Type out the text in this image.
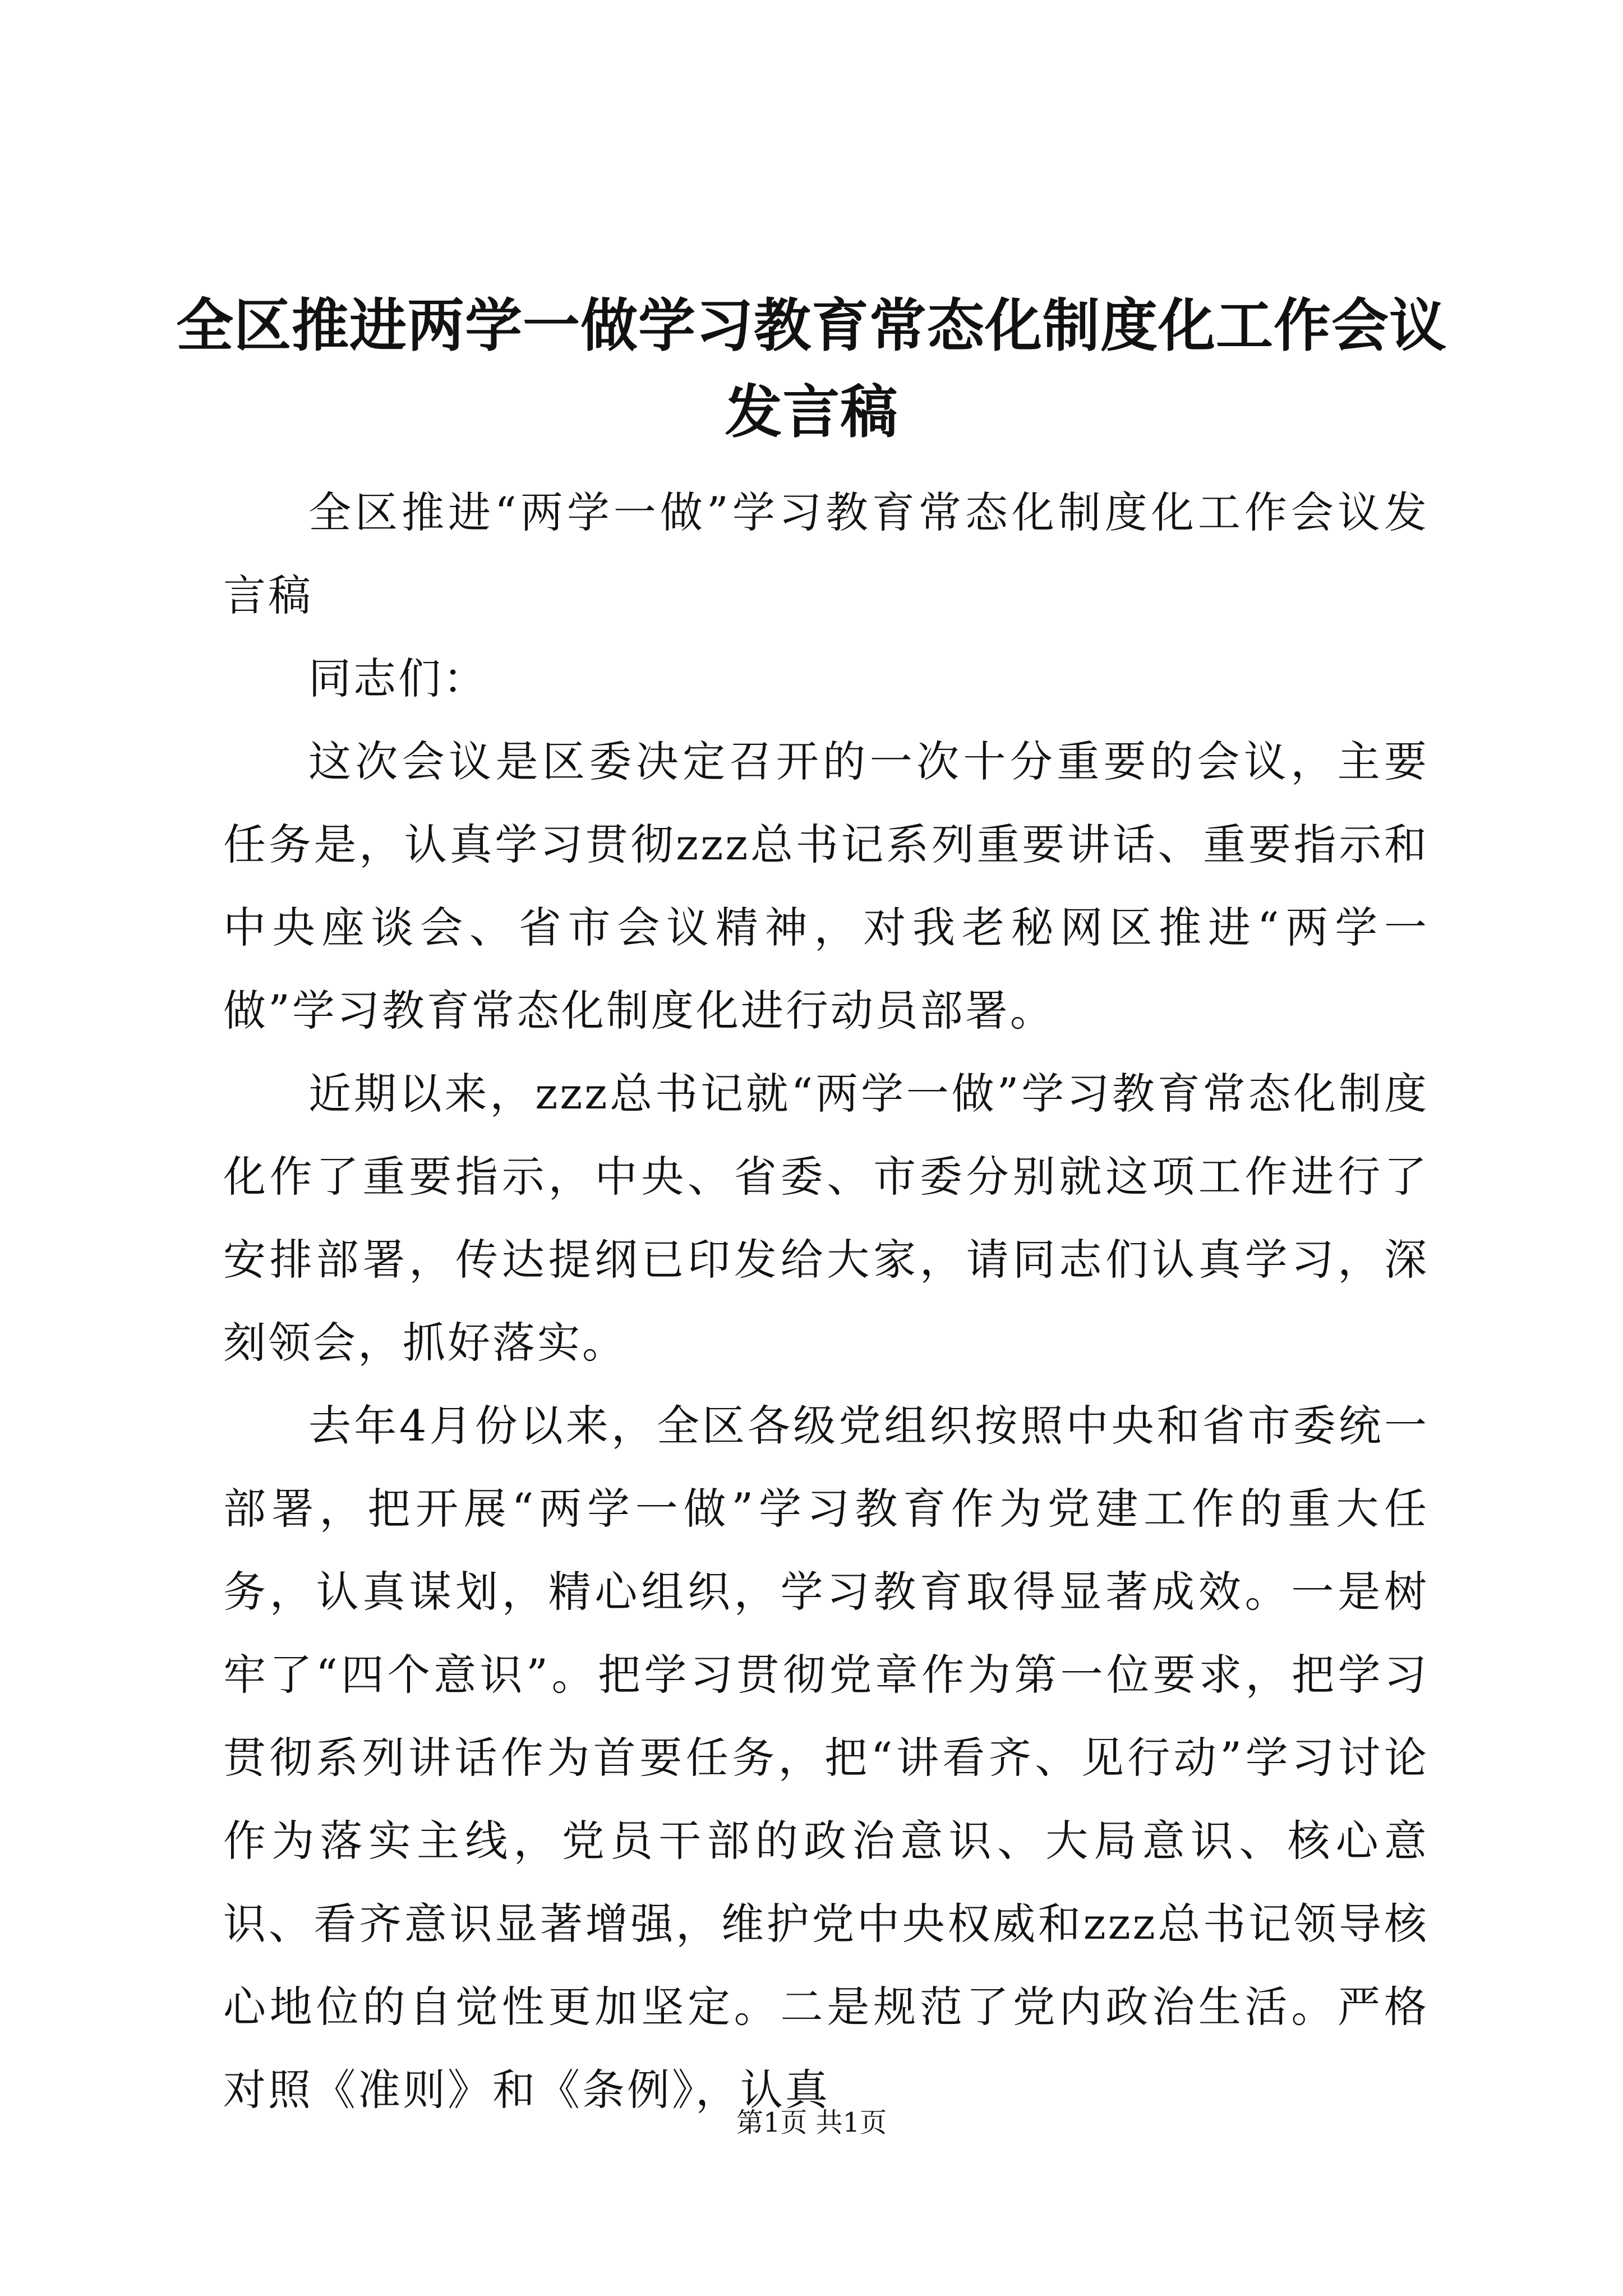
全区推进两学一做学习教育常态化制度化工作会议发言稿

全区推进“两学一做”学习教育常态化制度化工作会议发言稿

同志们：

这次会议是区委决定召开的一次十分重要的会议，主要任务是，认真学习贯彻zzz总书记系列重要讲话、重要指示和中央座谈会、省市会议精神，对我老秘网区推进“两学一做”学习教育常态化制度化进行动员部署。

近期以来，zzz总书记就“两学一做”学习教育常态化制度化作了重要指示，中央、省委、市委分别就这项工作进行了安排部署，传达提纲已印发给大家，请同志们认真学习，深刻领会，抓好落实。

去年4月份以来，全区各级党组织按照中央和省市委统一部署，把开展“两学一做”学习教育作为党建工作的重大任务，认真谋划，精心组织，学习教育取得显著成效。一是树牢了“四个意识”。把学习贯彻党章作为第一位要求，把学习贯彻系列讲话作为首要任务，把“讲看齐、见行动”学习讨论作为落实主线，党员干部的政治意识、大局意识、核心意识、看齐意识显著增强，维护党中央权威和zzz总书记领导核心地位的自觉性更加坚定。二是规范了党内政治生活。严格对照《准则》和《条例》，认真

第1页 共1页
